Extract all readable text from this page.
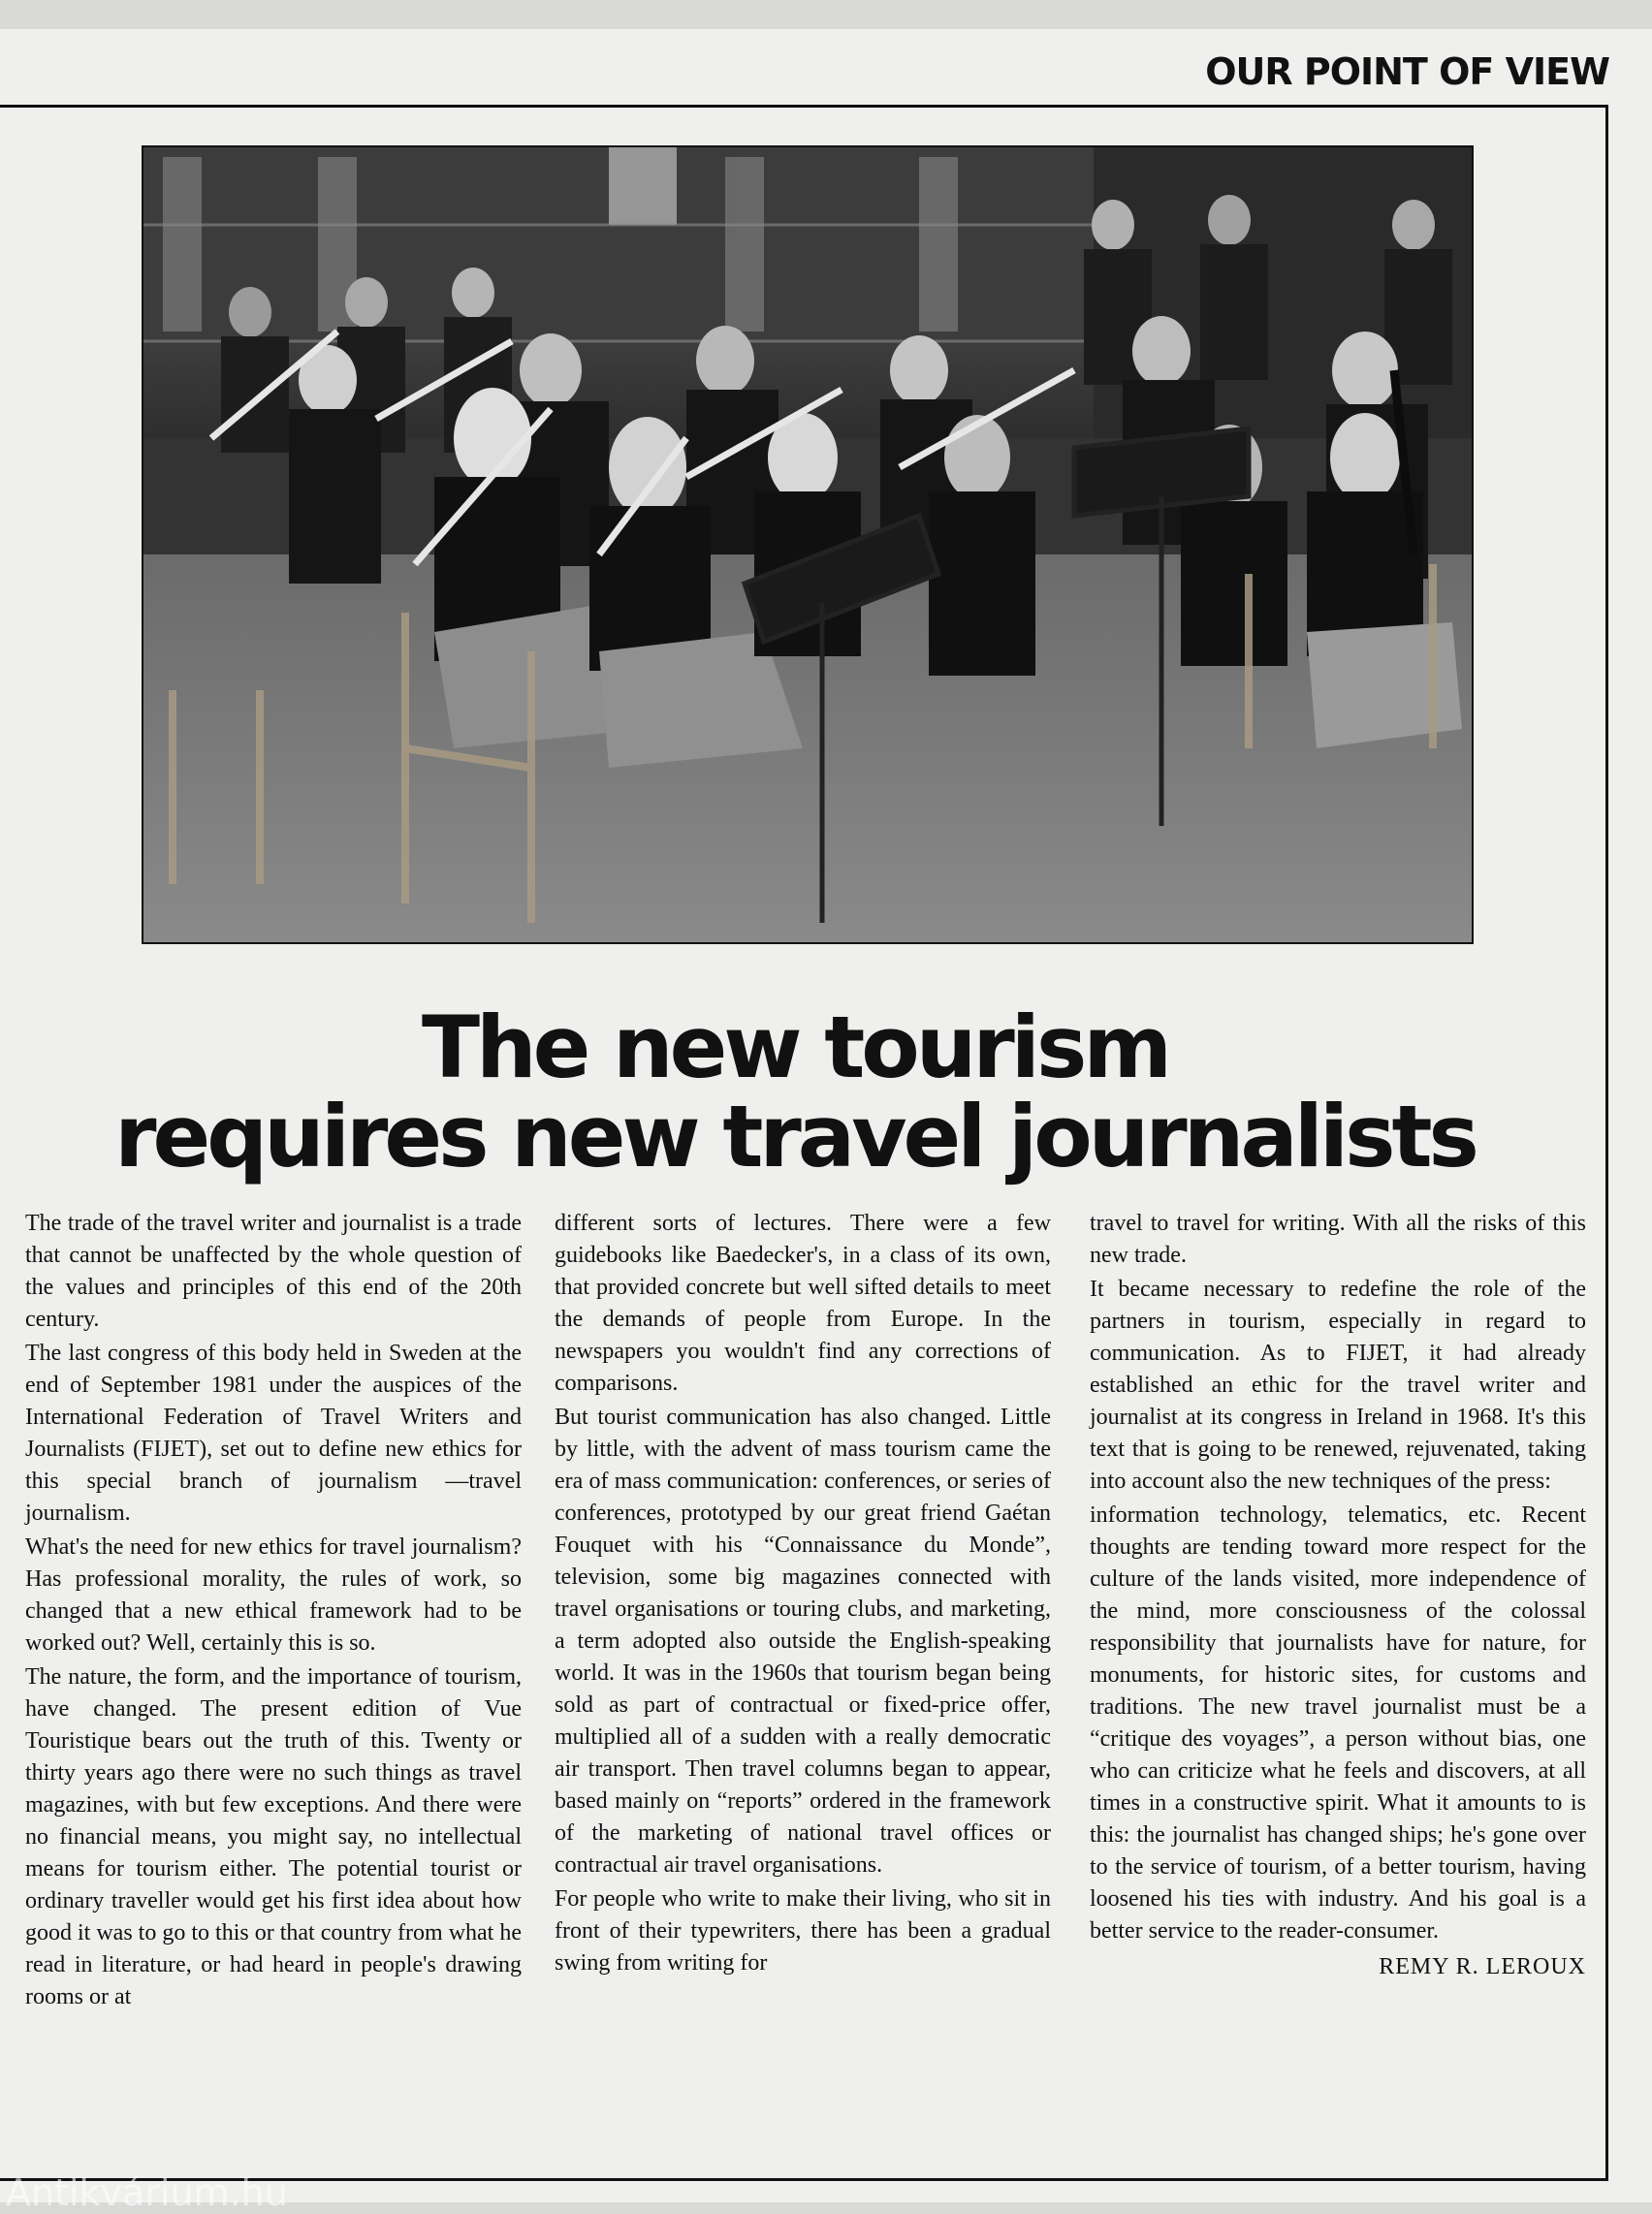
OUR POINT OF VIEW
The new tourism
requires new travel journalists

The trade of the travel writer and journalist is a trade that cannot be unaffected by the whole question of the values and principles of this end of the 20th century.

The last congress of this body held in Sweden at the end of September 1981 under the auspices of the International Federation of Travel Writers and Journalists (FIJET), set out to define new ethics for this special branch of journalism —travel journalism.

What's the need for new ethics for travel journalism? Has professional morality, the rules of work, so changed that a new ethical framework had to be worked out? Well, certainly this is so.

The nature, the form, and the importance of tourism, have changed. The present edition of Vue Touristique bears out the truth of this. Twenty or thirty years ago there were no such things as travel magazines, with but few exceptions. And there were no financial means, you might say, no intellectual means for tourism either. The potential tourist or ordinary traveller would get his first idea about how good it was to go to this or that country from what he read in literature, or had heard in people's drawing rooms or at

different sorts of lectures. There were a few guidebooks like Baedecker's, in a class of its own, that provided concrete but well sifted details to meet the demands of people from Europe. In the newspapers you wouldn't find any corrections of comparisons.

But tourist communication has also changed. Little by little, with the advent of mass tourism came the era of mass communication: conferences, or series of conferences, prototyped by our great friend Gaétan Fouquet with his “Connaissance du Monde”, television, some big magazines connected with travel organisations or touring clubs, and marketing, a term adopted also outside the English-speaking world. It was in the 1960s that tourism began being sold as part of contractual or fixed-price offer, multiplied all of a sudden with a really democratic air transport. Then travel columns began to appear, based mainly on “reports” ordered in the framework of the marketing of national travel offices or contractual air travel organisations.

For people who write to make their living, who sit in front of their typewriters, there has been a gradual swing from writing for

travel to travel for writing. With all the risks of this new trade.

It became necessary to redefine the role of the partners in tourism, especially in regard to communication. As to FIJET, it had already established an ethic for the travel writer and journalist at its congress in Ireland in 1968. It's this text that is going to be renewed, rejuvenated, taking into account also the new techniques of the press:

information technology, telematics, etc. Recent thoughts are tending toward more respect for the culture of the lands visited, more independence of the mind, more consciousness of the colossal responsibility that journalists have for nature, for monuments, for historic sites, for customs and traditions. The new travel journalist must be a “critique des voyages”, a person without bias, one who can criticize what he feels and discovers, at all times in a constructive spirit. What it amounts to is this: the journalist has changed ships; he's gone over to the service of tourism, of a better tourism, having loosened his ties with industry. And his goal is a better service to the reader-consumer.

REMY R. LEROUX

Antikvárium.hu
